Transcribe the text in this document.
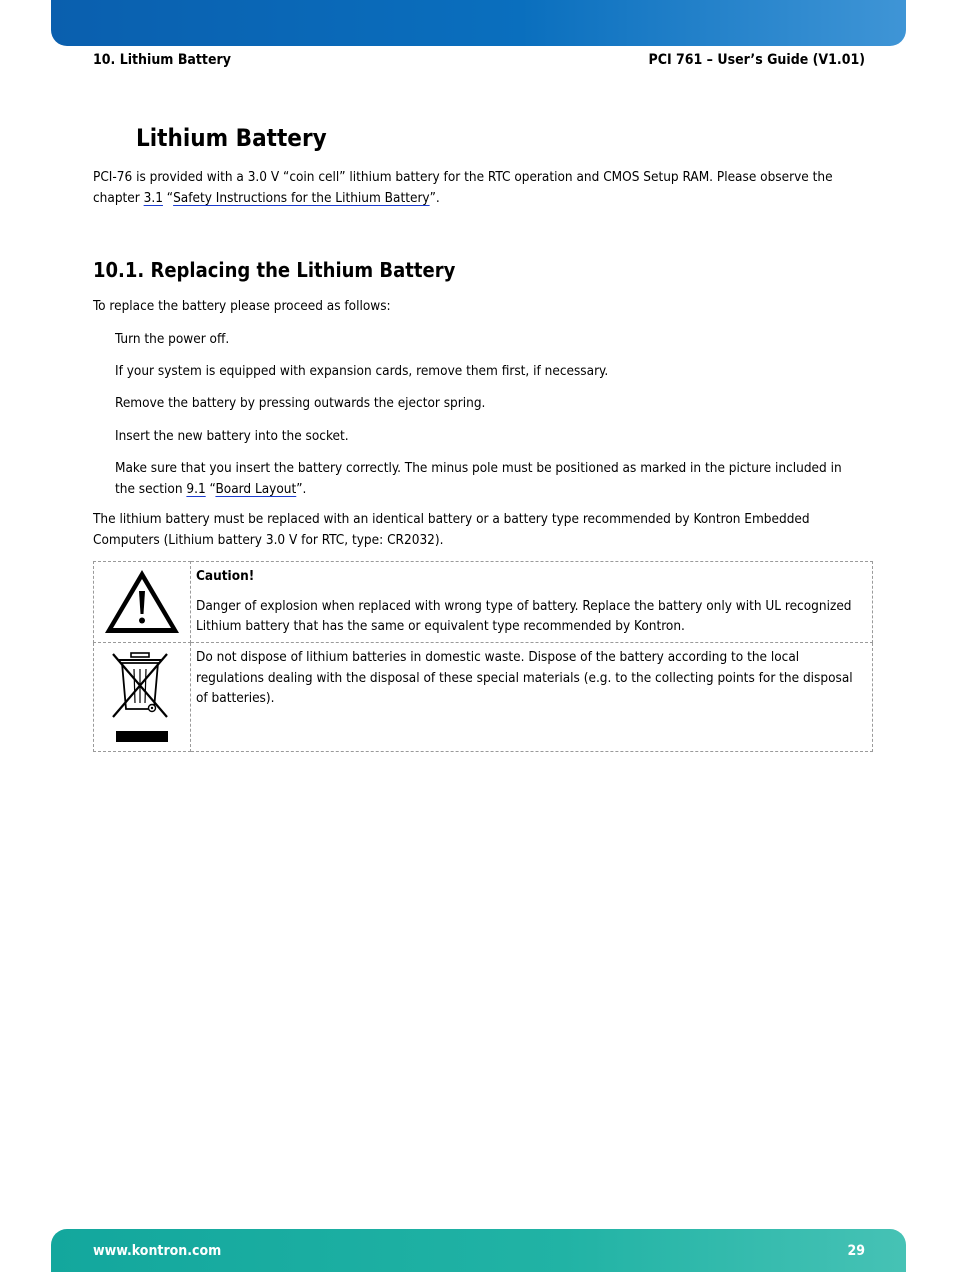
10. Lithium Battery	PCI 761 – User’s Guide (V1.01)
Lithium Battery

PCI-76 is provided with a 3.0 V “coin cell” lithium battery for the RTC operation and CMOS Setup RAM. Please observe the chapter 3.1 “Safety Instructions for the Lithium Battery”.

10.1. Replacing the Lithium Battery

To replace the battery please proceed as follows:

Turn the power off.

If your system is equipped with expansion cards, remove them first, if necessary.

Remove the battery by pressing outwards the ejector spring.

Insert the new battery into the socket.

Make sure that you insert the battery correctly. The minus pole must be positioned as marked in the picture included in the section 9.1 “Board Layout”.

The lithium battery must be replaced with an identical battery or a battery type recommended by Kontron Embedded Computers (Lithium battery 3.0 V for RTC, type: CR2032).

Caution!

Danger of explosion when replaced with wrong type of battery. Replace the battery only with UL recognized Lithium battery that has the same or equivalent type recommended by Kontron.

Do not dispose of lithium batteries in domestic waste. Dispose of the battery according to the local regulations dealing with the disposal of these special materials (e.g. to the collecting points for the disposal of batteries).

www.kontron.com	29
